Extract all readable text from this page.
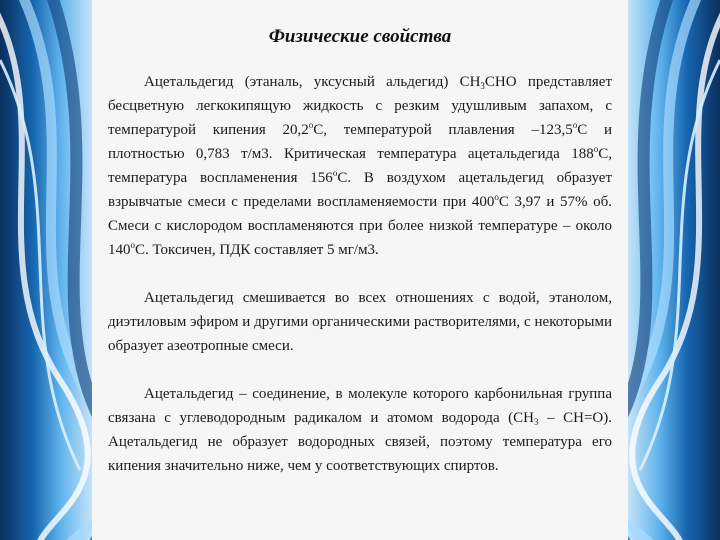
Физические свойства

Ацетальдегид (этаналь, уксусный альдегид) $CH_3CHO$ представляет бесцветную легкокипящую жидкость с резким удушливым запахом, с температурой кипения $20,2^оС$, температурой плавления $-123,5^оС$ и плотностью 0,783 т/м3. Критическая температура ацетальдегида $188^оС$, температура воспламенения $156^оС$. В воздухом ацетальдегид образует взрывчатые смеси с пределами воспламеняемости при $400^оС$ 3,97 и 57% об. Смеси с кислородом воспламеняются при более низкой температуре – около $140^оС$. Токсичен, ПДК составляет 5 мг/м3.

Ацетальдегид смешивается во всех отношениях с водой, этанолом, диэтиловым эфиром и другими органическими растворителями, с некоторыми образует азеотропные смеси.

Ацетальдегид – соединение, в молекуле которого карбонильная группа связана с углеводородным радикалом и атомом водорода $(CH_3 - CH=O)$. Ацетальдегид не образует водородных связей, поэтому температура его кипения значительно ниже, чем у соответствующих спиртов.
